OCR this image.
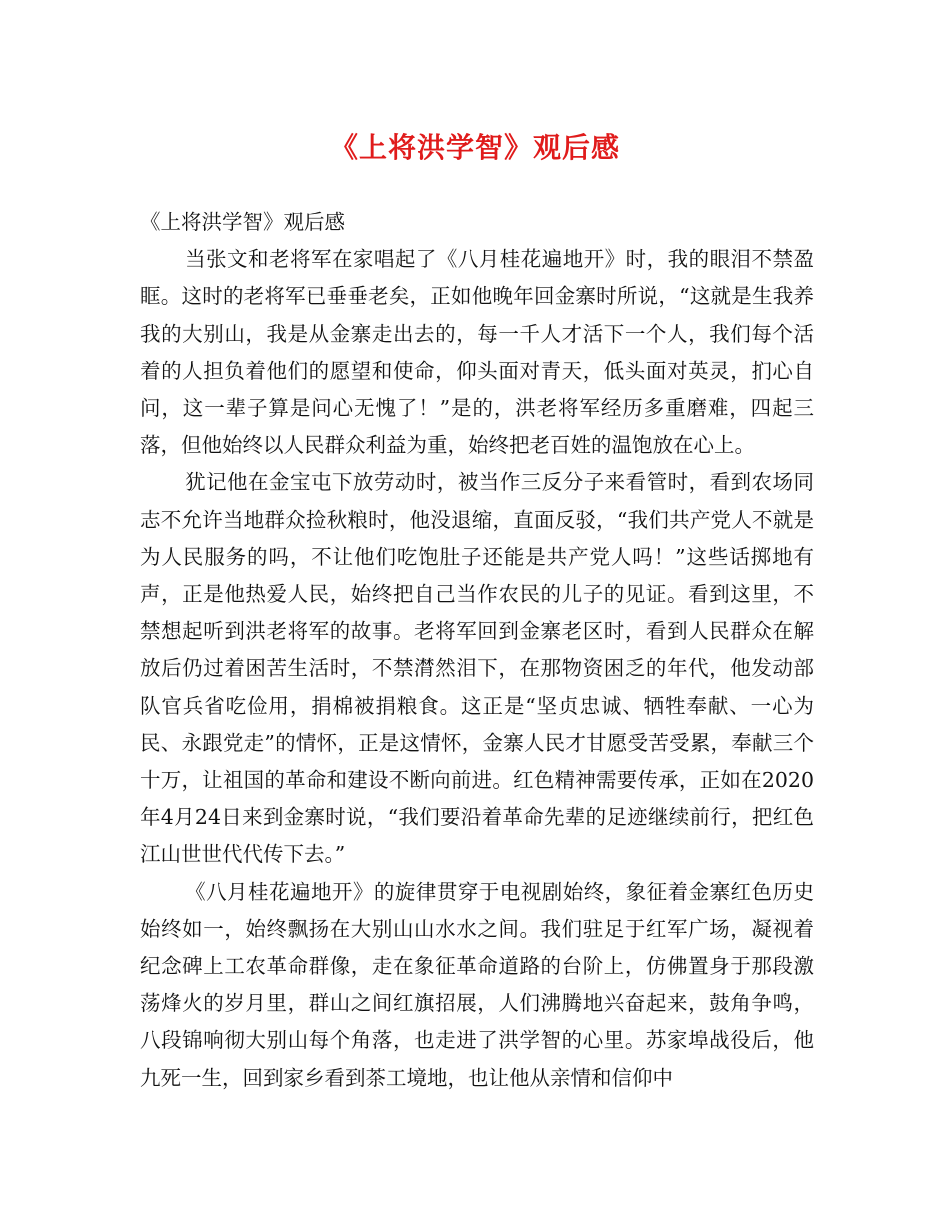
《上将洪学智》观后感

《上将洪学智》观后感

当张文和老将军在家唱起了《八月桂花遍地开》时，我的眼泪不禁盈眶。这时的老将军已垂垂老矣，正如他晚年回金寨时所说，“这就是生我养我的大别山，我是从金寨走出去的，每一千人才活下一个人，我们每个活着的人担负着他们的愿望和使命，仰头面对青天，低头面对英灵，扪心自问，这一辈子算是问心无愧了！”是的，洪老将军经历多重磨难，四起三落，但他始终以人民群众利益为重，始终把老百姓的温饱放在心上。

犹记他在金宝屯下放劳动时，被当作三反分子来看管时，看到农场同志不允许当地群众捡秋粮时，他没退缩，直面反驳，“我们共产党人不就是为人民服务的吗，不让他们吃饱肚子还能是共产党人吗！”这些话掷地有声，正是他热爱人民，始终把自己当作农民的儿子的见证。看到这里，不禁想起听到洪老将军的故事。老将军回到金寨老区时，看到人民群众在解放后仍过着困苦生活时，不禁潸然泪下，在那物资困乏的年代，他发动部队官兵省吃俭用，捐棉被捐粮食。这正是“坚贞忠诚、牺牲奉献、一心为民、永跟党走”的情怀，正是这情怀，金寨人民才甘愿受苦受累，奉献三个十万，让祖国的革命和建设不断向前进。红色精神需要传承，正如在2020年4月24日来到金寨时说，“我们要沿着革命先辈的足迹继续前行，把红色江山世世代代传下去。”

《八月桂花遍地开》的旋律贯穿于电视剧始终，象征着金寨红色历史始终如一，始终飘扬在大别山山水水之间。我们驻足于红军广场，凝视着纪念碑上工农革命群像，走在象征革命道路的台阶上，仿佛置身于那段激荡烽火的岁月里，群山之间红旗招展，人们沸腾地兴奋起来，鼓角争鸣，八段锦响彻大别山每个角落，也走进了洪学智的心里。苏家埠战役后，他九死一生，回到家乡看到茶工境地，也让他从亲情和信仰中
